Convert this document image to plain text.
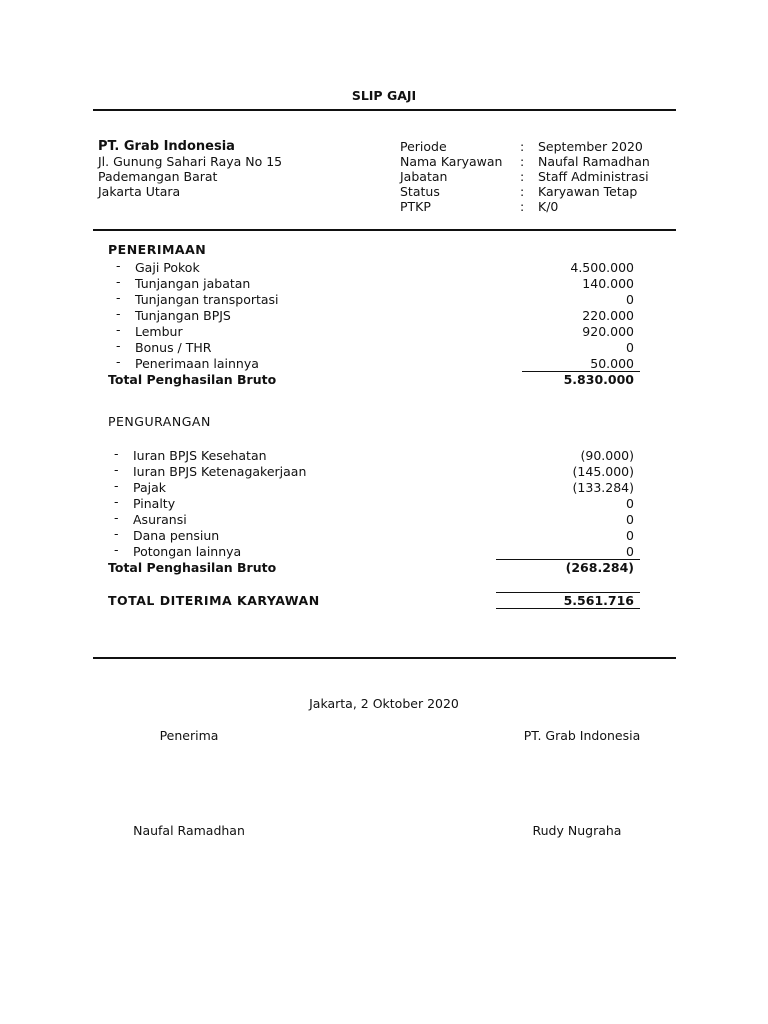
SLIP GAJI
PT. Grab Indonesia
Jl. Gunung Sahari Raya No 15
Pademangan Barat
Jakarta Utara
Periode	: September 2020
Nama Karyawan : Naufal Ramadhan
Jabatan	: Staff Administrasi
Status	: Karyawan Tetap
PTKP	: K/0
PENERIMAAN
- Gaji Pokok	4.500.000
- Tunjangan jabatan	140.000
- Tunjangan transportasi	0
- Tunjangan BPJS	220.000
- Lembur	920.000
- Bonus / THR	0
- Penerimaan lainnya	50.000
Total Penghasilan Bruto	5.830.000
PENGURANGAN
- Iuran BPJS Kesehatan	(90.000)
- Iuran BPJS Ketenagakerjaan	(145.000)
- Pajak	(133.284)
- Pinalty	0
- Asuransi	0
- Dana pensiun	0
- Potongan lainnya	0
Total Penghasilan Bruto	(268.284)
TOTAL DITERIMA KARYAWAN	5.561.716
Jakarta, 2 Oktober 2020
Penerima	PT. Grab Indonesia
Naufal Ramadhan	Rudy Nugraha
